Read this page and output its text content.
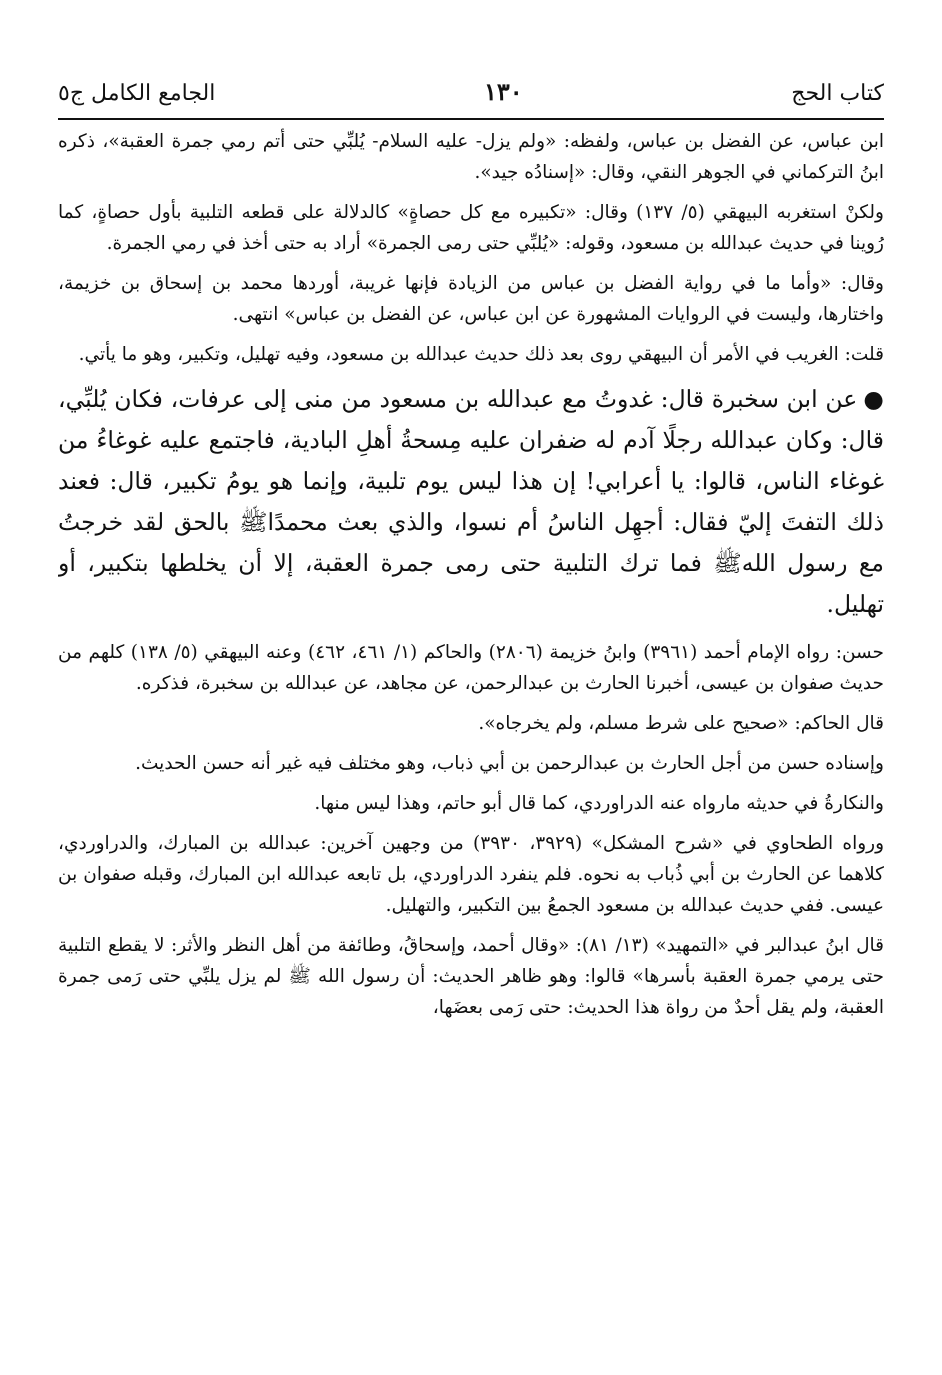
كتاب الحج
١٣٠
الجامع الكامل ج٥

ابن عباس، عن الفضل بن عباس، ولفظه: «ولم يزل- عليه السلام- يُلبِّي حتى أتم رمي جمرة العقبة»، ذكره ابنُ التركماني في الجوهر النقي، وقال: «إسنادُه جيد».

ولكنْ استغربه البيهقي (٥/ ١٣٧) وقال: «تكبيره مع كل حصاةٍ» كالدلالة على قطعه التلبية بأول حصاةٍ، كما رُوينا في حديث عبدالله بن مسعود، وقوله: «يُلبِّي حتى رمى الجمرة» أراد به حتى أخذ في رمي الجمرة.

وقال: «وأما ما في رواية الفضل بن عباس من الزيادة فإنها غريبة، أوردها محمد بن إسحاق بن خزيمة، واختارها، وليست في الروايات المشهورة عن ابن عباس، عن الفضل بن عباس» انتهى.

قلت: الغريب في الأمر أن البيهقي روى بعد ذلك حديث عبدالله بن مسعود، وفيه تهليل، وتكبير، وهو ما يأتي.

●عن ابن سخبرة قال: غدوتُ مع عبدالله بن مسعود من منى إلى عرفات، فكان يُلبِّي، قال: وكان عبدالله رجلًا آدم له ضفران عليه مِسحةُ أهلِ البادية، فاجتمع عليه غوغاءُ من غوغاء الناس، قالوا: يا أعرابي! إن هذا ليس يوم تلبية، وإنما هو يومُ تكبير، قال: فعند ذلك التفتَ إليّ فقال: أجهِل الناسُ أم نسوا، والذي بعث محمدًاﷺ بالحق لقد خرجتُ مع رسول اللهﷺ فما ترك التلبية حتى رمى جمرة العقبة، إلا أن يخلطها بتكبير، أو تهليل.

حسن: رواه الإمام أحمد (٣٩٦١) وابنُ خزيمة (٢٨٠٦) والحاكم (١/ ٤٦١، ٤٦٢) وعنه البيهقي (٥/ ١٣٨) كلهم من حديث صفوان بن عيسى، أخبرنا الحارث بن عبدالرحمن، عن مجاهد، عن عبدالله بن سخبرة، فذكره.

قال الحاكم: «صحيح على شرط مسلم، ولم يخرجاه».

وإسناده حسن من أجل الحارث بن عبدالرحمن بن أبي ذباب، وهو مختلف فيه غير أنه حسن الحديث.

والنكارةُ في حديثه مارواه عنه الدراوردي، كما قال أبو حاتم، وهذا ليس منها.

ورواه الطحاوي في «شرح المشكل» (٣٩٢٩، ٣٩٣٠) من وجهين آخرين: عبدالله بن المبارك، والدراوردي، كلاهما عن الحارث بن أبي ذُباب به نحوه. فلم ينفرد الدراوردي، بل تابعه عبدالله ابن المبارك، وقبله صفوان بن عيسى. ففي حديث عبدالله بن مسعود الجمعُ بين التكبير، والتهليل.

قال ابنُ عبدالبر في «التمهيد» (١٣/ ٨١): «وقال أحمد، وإسحاقُ، وطائفة من أهل النظر والأثر: لا يقطع التلبية حتى يرمي جمرة العقبة بأسرها» قالوا: وهو ظاهر الحديث: أن رسول الله ﷺ لم يزل يلبِّي حتى رَمى جمرة العقبة، ولم يقل أحدٌ من رواة هذا الحديث: حتى رَمى بعضَها،
